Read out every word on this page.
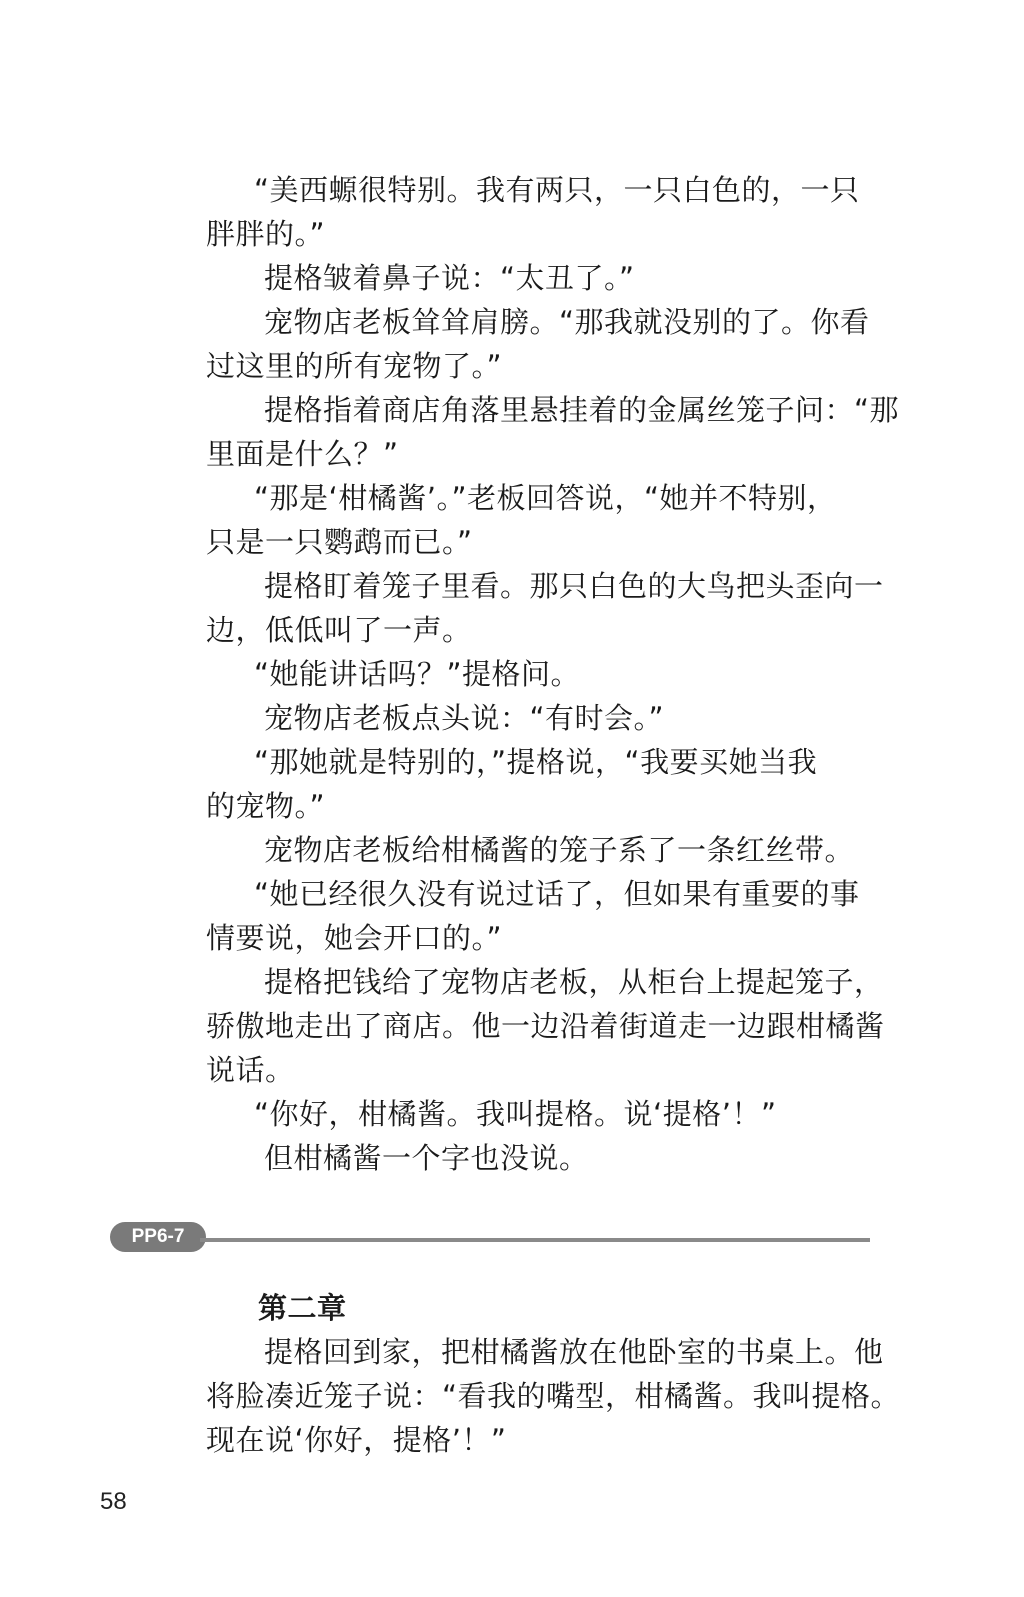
“美西螈很特别。我有两只，一只白色的，一只
胖胖的。”
提格皱着鼻子说：“太丑了。”
宠物店老板耸耸肩膀。“那我就没别的了。你看
过这里的所有宠物了。”
提格指着商店角落里悬挂着的金属丝笼子问：“那
里面是什么？”
“那是‘柑橘酱’。”老板回答说，“她并不特别，
只是一只鹦鹉而已。”
提格盯着笼子里看。那只白色的大鸟把头歪向一
边，低低叫了一声。
“她能讲话吗？”提格问。
宠物店老板点头说：“有时会。”
“那她就是特别的，”提格说，“我要买她当我
的宠物。”
宠物店老板给柑橘酱的笼子系了一条红丝带。
“她已经很久没有说过话了，但如果有重要的事
情要说，她会开口的。”
提格把钱给了宠物店老板，从柜台上提起笼子，
骄傲地走出了商店。他一边沿着街道走一边跟柑橘酱
说话。
“你好，柑橘酱。我叫提格。说‘提格’！”
但柑橘酱一个字也没说。
PP6-7
第二章
提格回到家，把柑橘酱放在他卧室的书桌上。他
将脸凑近笼子说：“看我的嘴型，柑橘酱。我叫提格。
现在说‘你好，提格’！”
58
